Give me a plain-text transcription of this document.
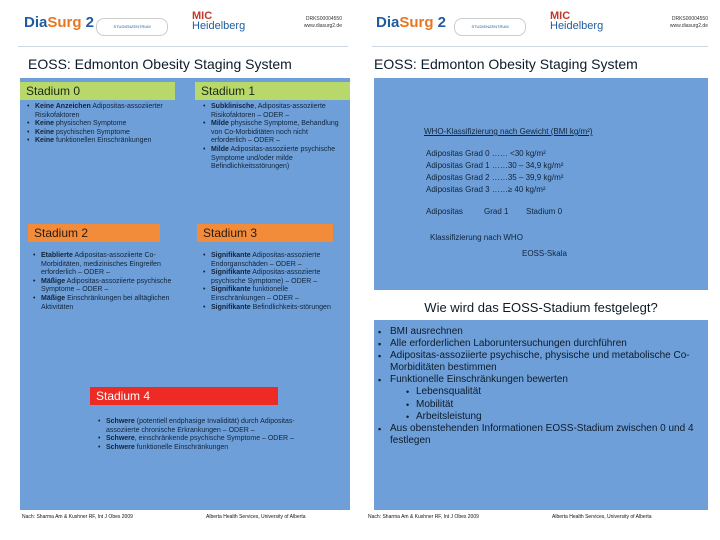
DiaSurg 2	STUDIENZENTRUM
MIC
Heidelberg
DRKS00004550
www.diasurg2.de
EOSS: Edmonton Obesity Staging System
Stadium 0
• Keine Anzeichen Adipositas-assoziierter Risikofaktoren
• Keine physischen Symptome
• Keine psychischen Symptome
• Keine funktionellen Einschränkungen
Stadium 1
• Subklinische, Adipositas-assoziierte Risikofaktoren – ODER –
• Milde physische Symptome, Behandlung von Co-Morbiditäten noch nicht erforderlich – ODER –
• Milde Adipositas-assoziierte psychische Symptome und/oder milde Befindlichkeitsstörungen)
Stadium 2
• Etablierte Adipositas-assoziierte Co-Morbiditäten, medizinisches Eingreifen erforderlich – ODER –
• Mäßige Adipositas-assoziierte psychische Symptome – ODER –
• Mäßige Einschränkungen bei alltäglichen Aktivitäten
Stadium 3
• Signifikante Adipositas-assoziierte Endorganschäden – ODER –
• Signifikante Adipositas-assoziierte psychische Symptome) – ODER –
• Signifikante funktionelle Einschränkungen – ODER –
• Signifikante Befindlichkeits-störungen
Stadium 4
• Schwere (potentiell endphasige Invalidität) durch Adipositas-assoziierte chronische Erkrankungen – ODER –
• Schwere, einschränkende psychische Symptome – ODER –
• Schwere funktionelle Einschränkungen
Nach: Sharma Am & Kushner RF, Int J Obes 2009	Alberta Health Services, University of Alberta
DiaSurg 2	STUDIENZENTRUM
MIC
Heidelberg
DRKS00004550
www.diasurg2.de
EOSS: Edmonton Obesity Staging System
WHO-Klassifizierung nach Gewicht (BMI kg/m²)
Adipositas Grad 0 …… <30 kg/m²
Adipositas Grad 1 ……30 – 34,9 kg/m²
Adipositas Grad 2 ……35 – 39,9 kg/m²
Adipositas Grad 3 ……≥ 40 kg/m²
Adipositas	Grad 1 Stadium 0
Klassifizierung nach WHO
EOSS-Skala
Wie wird das EOSS-Stadium festgelegt?
▪ BMI ausrechnen
▪ Alle erforderlichen Laboruntersuchungen durchführen
▪ Adipositas-assoziierte psychische, physische und metabolische Co-Morbiditäten bestimmen
▪ Funktionelle Einschränkungen bewerten
• Lebensqualität
• Mobilität
• Arbeitsleistung
▪ Aus obenstehenden Informationen EOSS-Stadium zwischen 0 und 4 festlegen
Nach: Sharma Am & Kushner RF, Int J Obes 2009	Alberta Health Services, University of Alberta
